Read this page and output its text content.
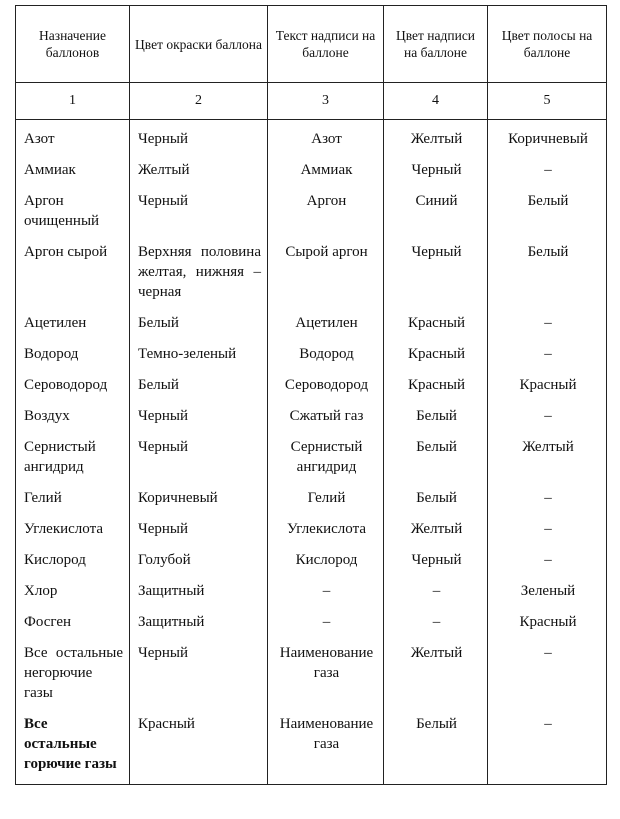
Назначение баллонов	Цвет окраски баллона	Текст надписи на баллоне	Цвет надписи на баллоне	Цвет полосы на баллоне
1	2	3	4	5
Азот	Черный	Азот	Желтый	Коричневый
Аммиак	Желтый	Аммиак	Черный	–
Аргон очищенный	Черный	Аргон	Синий	Белый
Аргон сырой	Верхняя половина желтая, нижняя – черная	Сырой аргон	Черный	Белый
Ацетилен	Белый	Ацетилен	Красный	–
Водород	Темно-зеленый	Водород	Красный	–
Сероводород	Белый	Сероводород	Красный	Красный
Воздух	Черный	Сжатый газ	Белый	–
Сернистый ангидрид	Черный	Сернистый ангидрид	Белый	Желтый
Гелий	Коричневый	Гелий	Белый	–
Углекислота	Черный	Углекислота	Желтый	–
Кислород	Голубой	Кислород	Черный	–
Хлор	Защитный	–	–	Зеленый
Фосген	Защитный	–	–	Красный
Все остальные негорючие газы	Черный	Наименование газа	Желтый	–
Все остальные горючие газы	Красный	Наименование газа	Белый	–
